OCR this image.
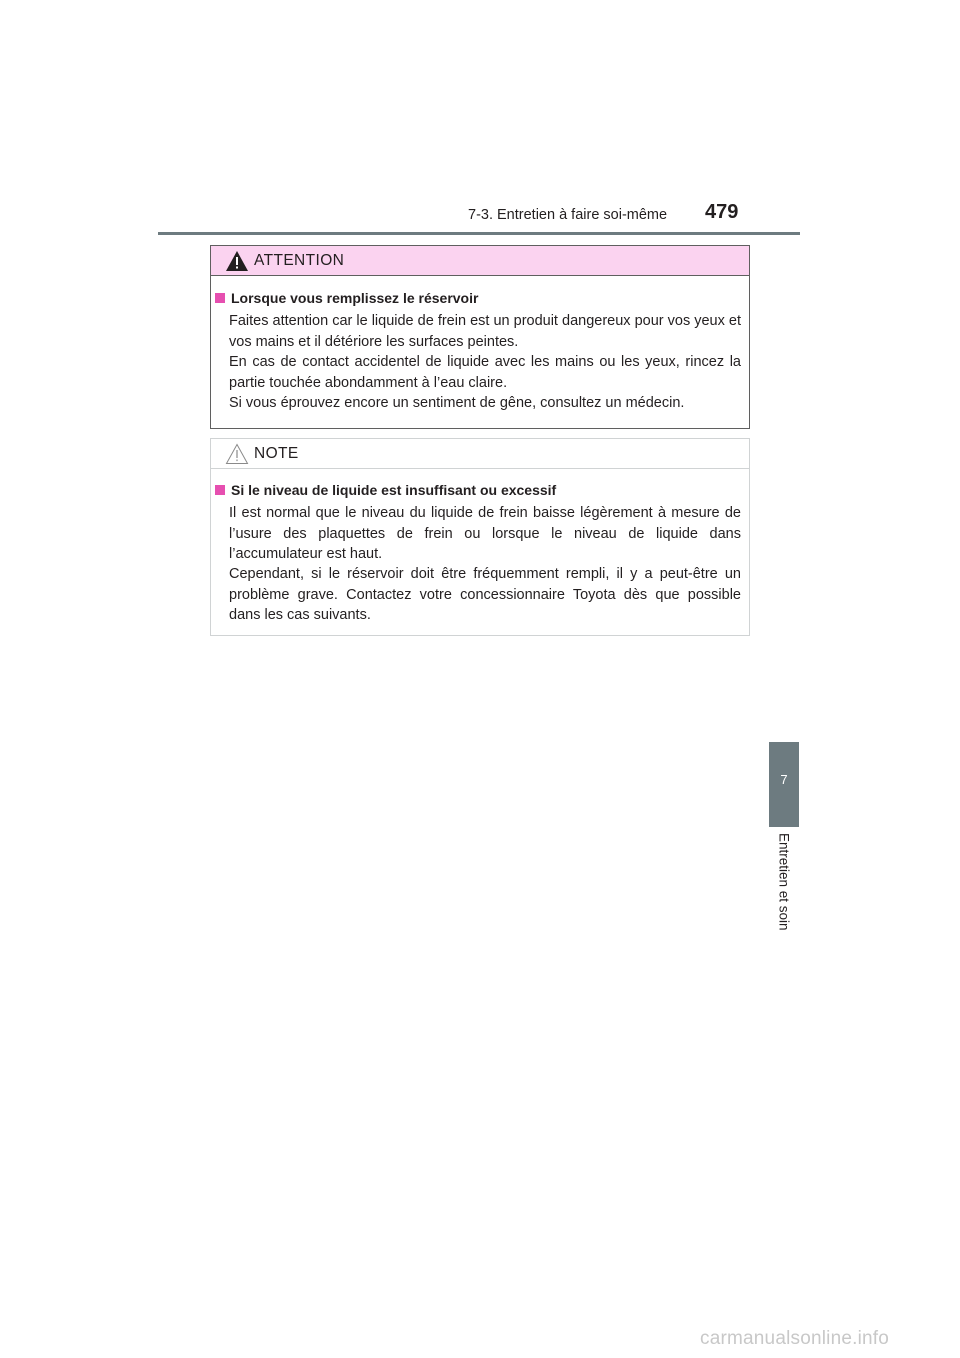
7-3. Entretien à faire soi-même 479
ATTENTION
Lorsque vous remplissez le réservoir
Faites attention car le liquide de frein est un produit dangereux pour vos yeux et vos mains et il détériore les surfaces peintes.
En cas de contact accidentel de liquide avec les mains ou les yeux, rincez la partie touchée abondamment à l’eau claire.
Si vous éprouvez encore un sentiment de gêne, consultez un médecin.
NOTE
Si le niveau de liquide est insuffisant ou excessif
Il est normal que le niveau du liquide de frein baisse légèrement à mesure de l’usure des plaquettes de frein ou lorsque le niveau de liquide dans l’accumulateur est haut.
Cependant, si le réservoir doit être fréquemment rempli, il y a peut-être un problème grave. Contactez votre concessionnaire Toyota dès que possible dans les cas suivants.
7
Entretien et soin
carmanualsonline.info
